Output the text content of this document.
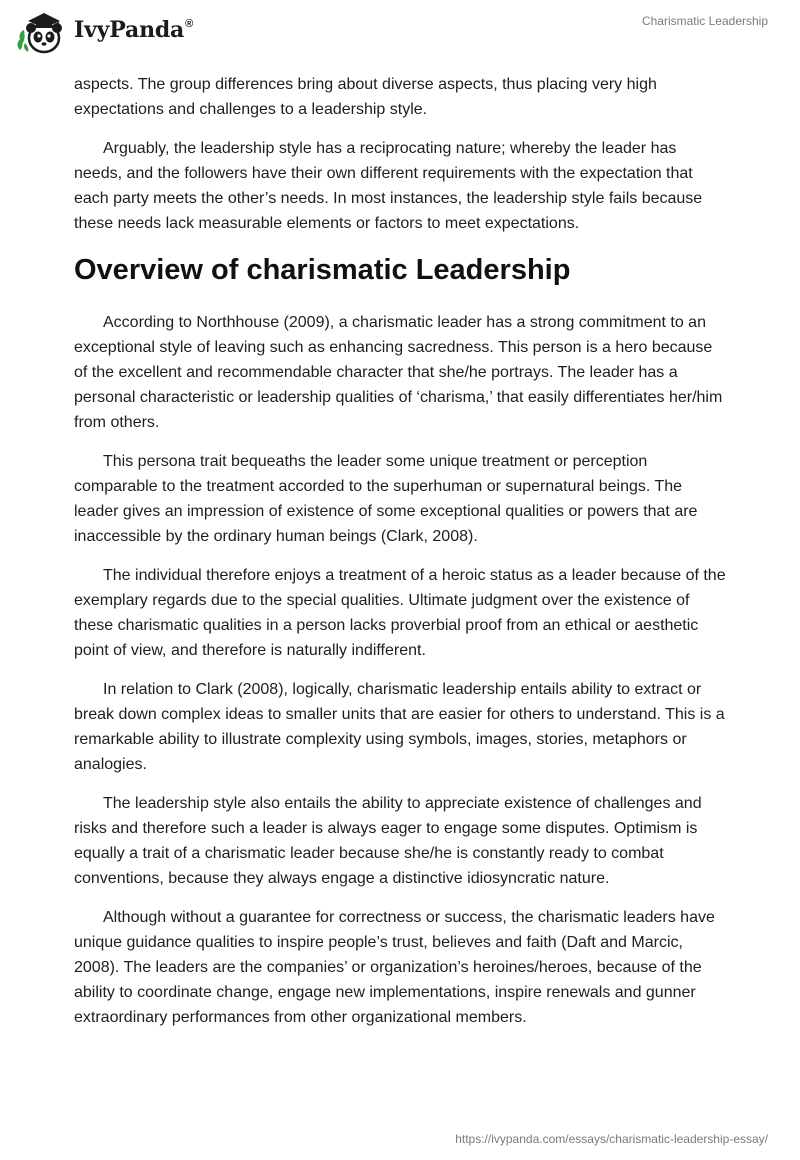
IvyPanda®	Charismatic Leadership

aspects. The group differences bring about diverse aspects, thus placing very high expectations and challenges to a leadership style.

Arguably, the leadership style has a reciprocating nature; whereby the leader has needs, and the followers have their own different requirements with the expectation that each party meets the other’s needs. In most instances, the leadership style fails because these needs lack measurable elements or factors to meet expectations.

Overview of charismatic Leadership

According to Northhouse (2009), a charismatic leader has a strong commitment to an exceptional style of leaving such as enhancing sacredness. This person is a hero because of the excellent and recommendable character that she/he portrays. The leader has a personal characteristic or leadership qualities of ‘charisma,’ that easily differentiates her/him from others.

This persona trait bequeaths the leader some unique treatment or perception comparable to the treatment accorded to the superhuman or supernatural beings. The leader gives an impression of existence of some exceptional qualities or powers that are inaccessible by the ordinary human beings (Clark, 2008).

The individual therefore enjoys a treatment of a heroic status as a leader because of the exemplary regards due to the special qualities. Ultimate judgment over the existence of these charismatic qualities in a person lacks proverbial proof from an ethical or aesthetic point of view, and therefore is naturally indifferent.

In relation to Clark (2008), logically, charismatic leadership entails ability to extract or break down complex ideas to smaller units that are easier for others to understand. This is a remarkable ability to illustrate complexity using symbols, images, stories, metaphors or analogies.

The leadership style also entails the ability to appreciate existence of challenges and risks and therefore such a leader is always eager to engage some disputes. Optimism is equally a trait of a charismatic leader because she/he is constantly ready to combat conventions, because they always engage a distinctive idiosyncratic nature.

Although without a guarantee for correctness or success, the charismatic leaders have unique guidance qualities to inspire people’s trust, believes and faith (Daft and Marcic, 2008). The leaders are the companies’ or organization’s heroines/heroes, because of the ability to coordinate change, engage new implementations, inspire renewals and gunner extraordinary performances from other organizational members.

https://ivypanda.com/essays/charismatic-leadership-essay/
